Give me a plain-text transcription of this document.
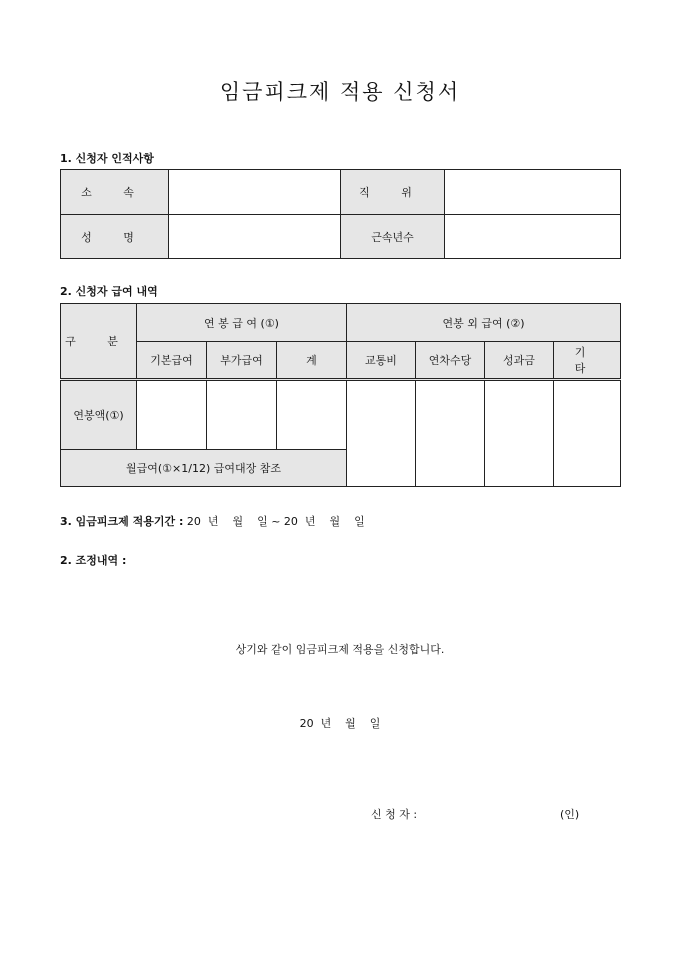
임금피크제 적용 신청서
1. 신청자 인적사항
소 속		직 위	
성 명		근속년수	
2. 신청자 급여 내역
구 분	연 봉 급 여 (①)			연봉 외 급여 (②)			
	기본급여	부가급여	계	교통비	연차수당	성과금	기 타
연봉액(①)							
월급여(①×1/12) 급여대장 참조							
3. 임금피크제 적용기간 : 20  년    월    일 ~ 20  년    월    일
2. 조정내역 :
상기와 같이 임금피크제 적용을 신청합니다.
20  년    월    일
신 청 자 :	(인)
